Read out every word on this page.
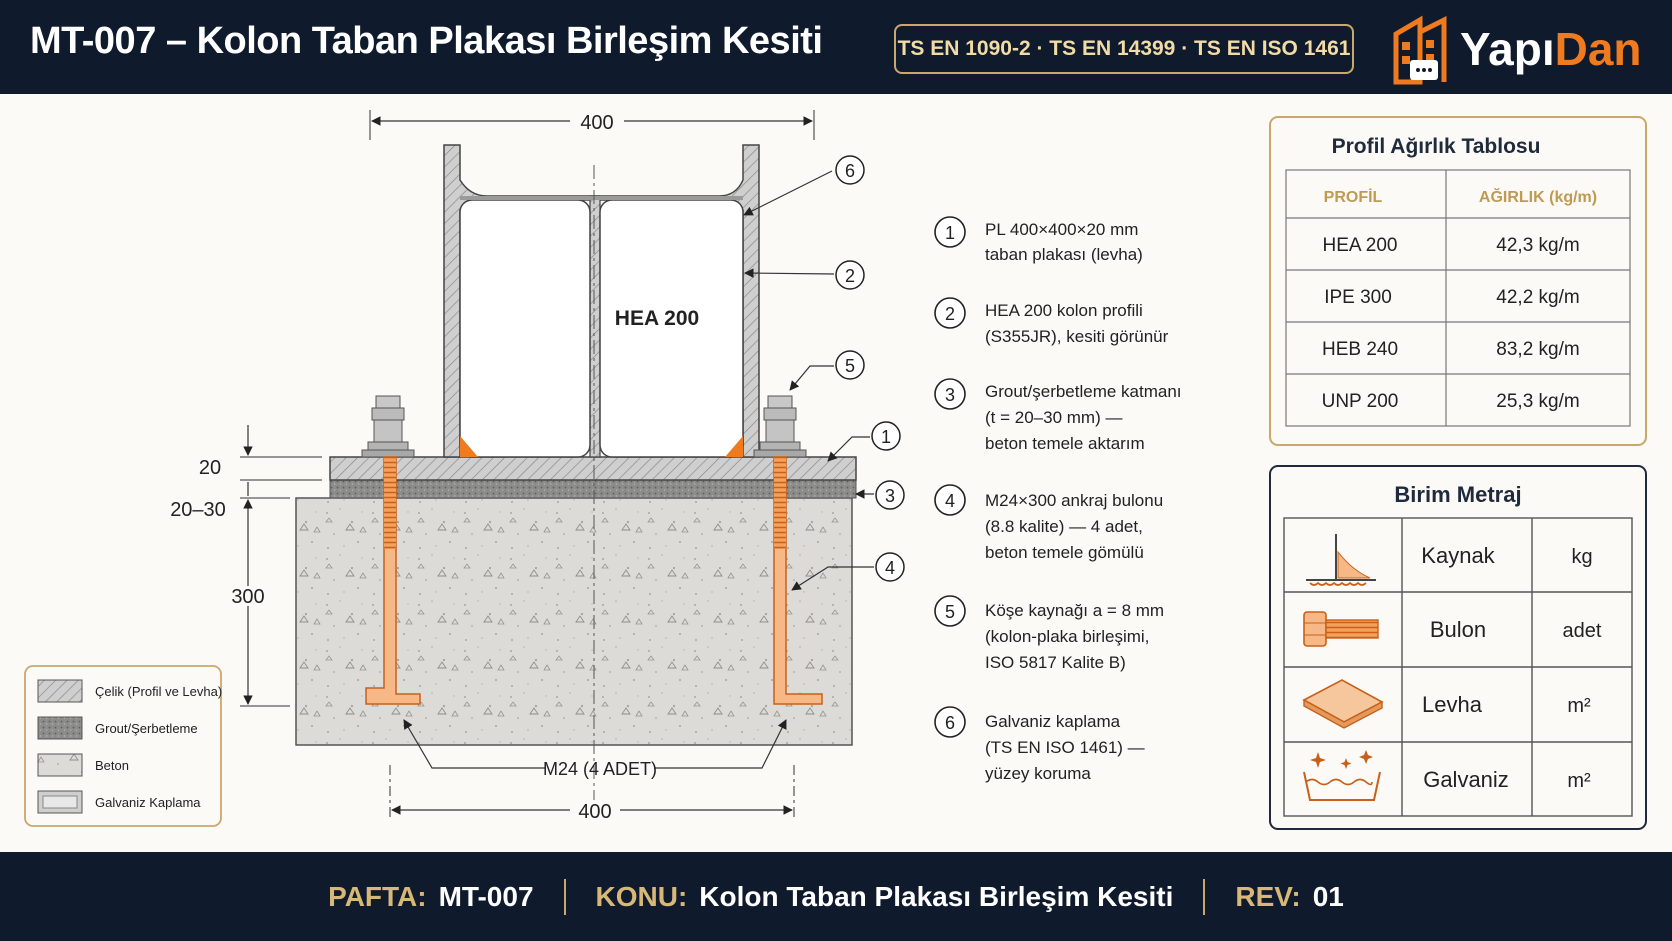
MT-007 – Kolon Taban Plakası Birleşim Kesiti	TS EN 1090-2 · TS EN 14399 · TS EN ISO 1461 YapıDan
HEA 200
400
400
M24 (4 ADET)
20
20–30
300
6
2
5
1
3
4
1 PL 400×400×20 mm
taban plakası (levha)
2 HEA 200 kolon profili
(S355JR), kesiti görünür
3 Grout/şerbetleme katmanı
(t = 20–30 mm) —
beton temele aktarım
4 M24×300 ankraj bulonu
(8.8 kalite) — 4 adet,
beton temele gömülü
5 Köşe kaynağı a = 8 mm
(kolon-plaka birleşimi,
ISO 5817 Kalite B)
6 Galvaniz kaplama
(TS EN ISO 1461) —
yüzey koruma
Çelik (Profil ve Levha)
Grout/Şerbetleme
Beton
Galvaniz Kaplama
Profil Ağırlık Tablosu
PROFİL	AĞIRLIK (kg/m)
HEA 200	42,3 kg/m
IPE 300	42,2 kg/m
HEB 240	83,2 kg/m
UNP 200	25,3 kg/m
Birim Metraj
Kaynak	kg
Bulon	adet
Levha	m²
Galvaniz	m²
PAFTA: MT-007 KONU: Kolon Taban Plakası Birleşim Kesiti REV: 01
